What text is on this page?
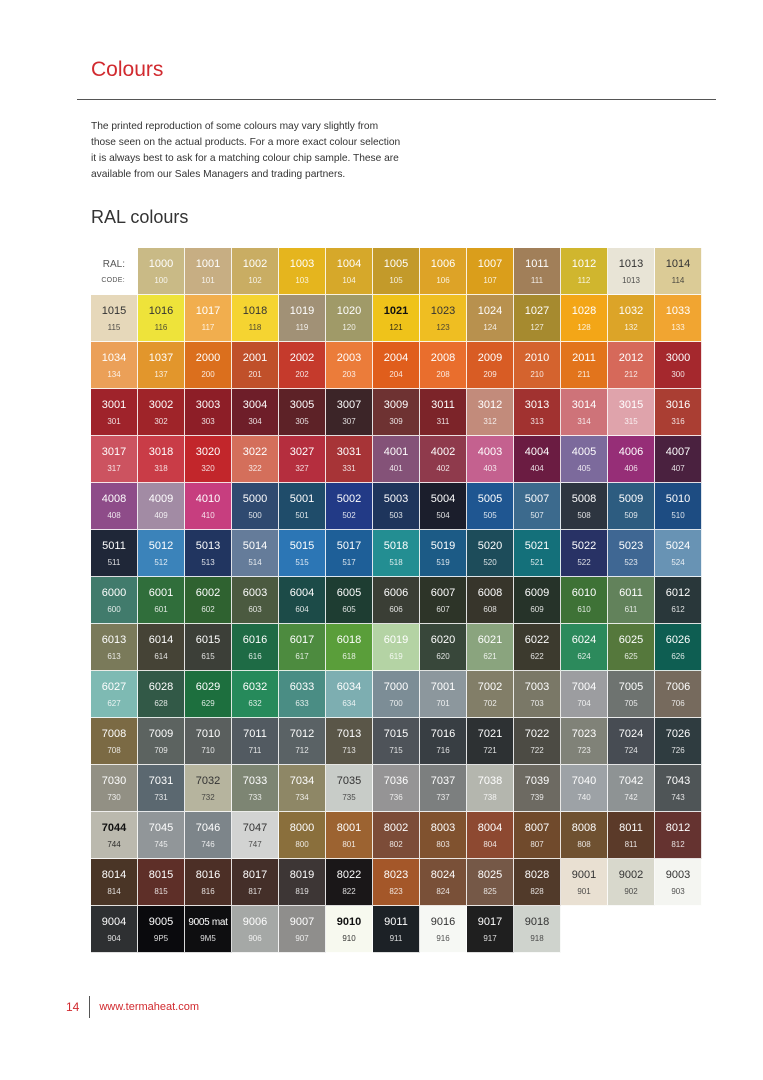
Colours

The printed reproduction of some colours may vary slightly from those seen on the actual products. For a more exact colour selection it is always best to ask for a matching colour chip sample. These are available from our Sales Managers and trading partners.

RAL colours
RAL:
CODE:
1000
100
1001
101
1002
102
1003
103
1004
104
1005
105
1006
106
1007
107
1011
111
1012
112
1013
1013
1014
114
1015
115
1016
116
1017
117
1018
118
1019
119
1020
120
1021
121
1023
123
1024
124
1027
127
1028
128
1032
132
1033
133
1034
134
1037
137
2000
200
2001
201
2002
202
2003
203
2004
204
2008
208
2009
209
2010
210
2011
211
2012
212
3000
300
3001
301
3002
302
3003
303
3004
304
3005
305
3007
307
3009
309
3011
311
3012
312
3013
313
3014
314
3015
315
3016
316
3017
317
3018
318
3020
320
3022
322
3027
327
3031
331
4001
401
4002
402
4003
403
4004
404
4005
405
4006
406
4007
407
4008
408
4009
409
4010
410
5000
500
5001
501
5002
502
5003
503
5004
504
5005
505
5007
507
5008
508
5009
509
5010
510
5011
511
5012
512
5013
513
5014
514
5015
515
5017
517
5018
518
5019
519
5020
520
5021
521
5022
522
5023
523
5024
524
6000
600
6001
601
6002
602
6003
603
6004
604
6005
605
6006
606
6007
607
6008
608
6009
609
6010
610
6011
611
6012
612
6013
613
6014
614
6015
615
6016
616
6017
617
6018
618
6019
619
6020
620
6021
621
6022
622
6024
624
6025
625
6026
626
6027
627
6028
628
6029
629
6032
632
6033
633
6034
634
7000
700
7001
701
7002
702
7003
703
7004
704
7005
705
7006
706
7008
708
7009
709
7010
710
7011
711
7012
712
7013
713
7015
715
7016
716
7021
721
7022
722
7023
723
7024
724
7026
726
7030
730
7031
731
7032
732
7033
733
7034
734
7035
735
7036
736
7037
737
7038
738
7039
739
7040
740
7042
742
7043
743
7044
744
7045
745
7046
746
7047
747
8000
800
8001
801
8002
802
8003
803
8004
804
8007
807
8008
808
8011
811
8012
812
8014
814
8015
815
8016
816
8017
817
8019
819
8022
822
8023
823
8024
824
8025
825
8028
828
9001
901
9002
902
9003
903
9004
904
9005
9P5
9005 mat
9M5
9006
906
9007
907
9010
910
9011
911
9016
916
9017
917
9018
918
14 www.termaheat.com
